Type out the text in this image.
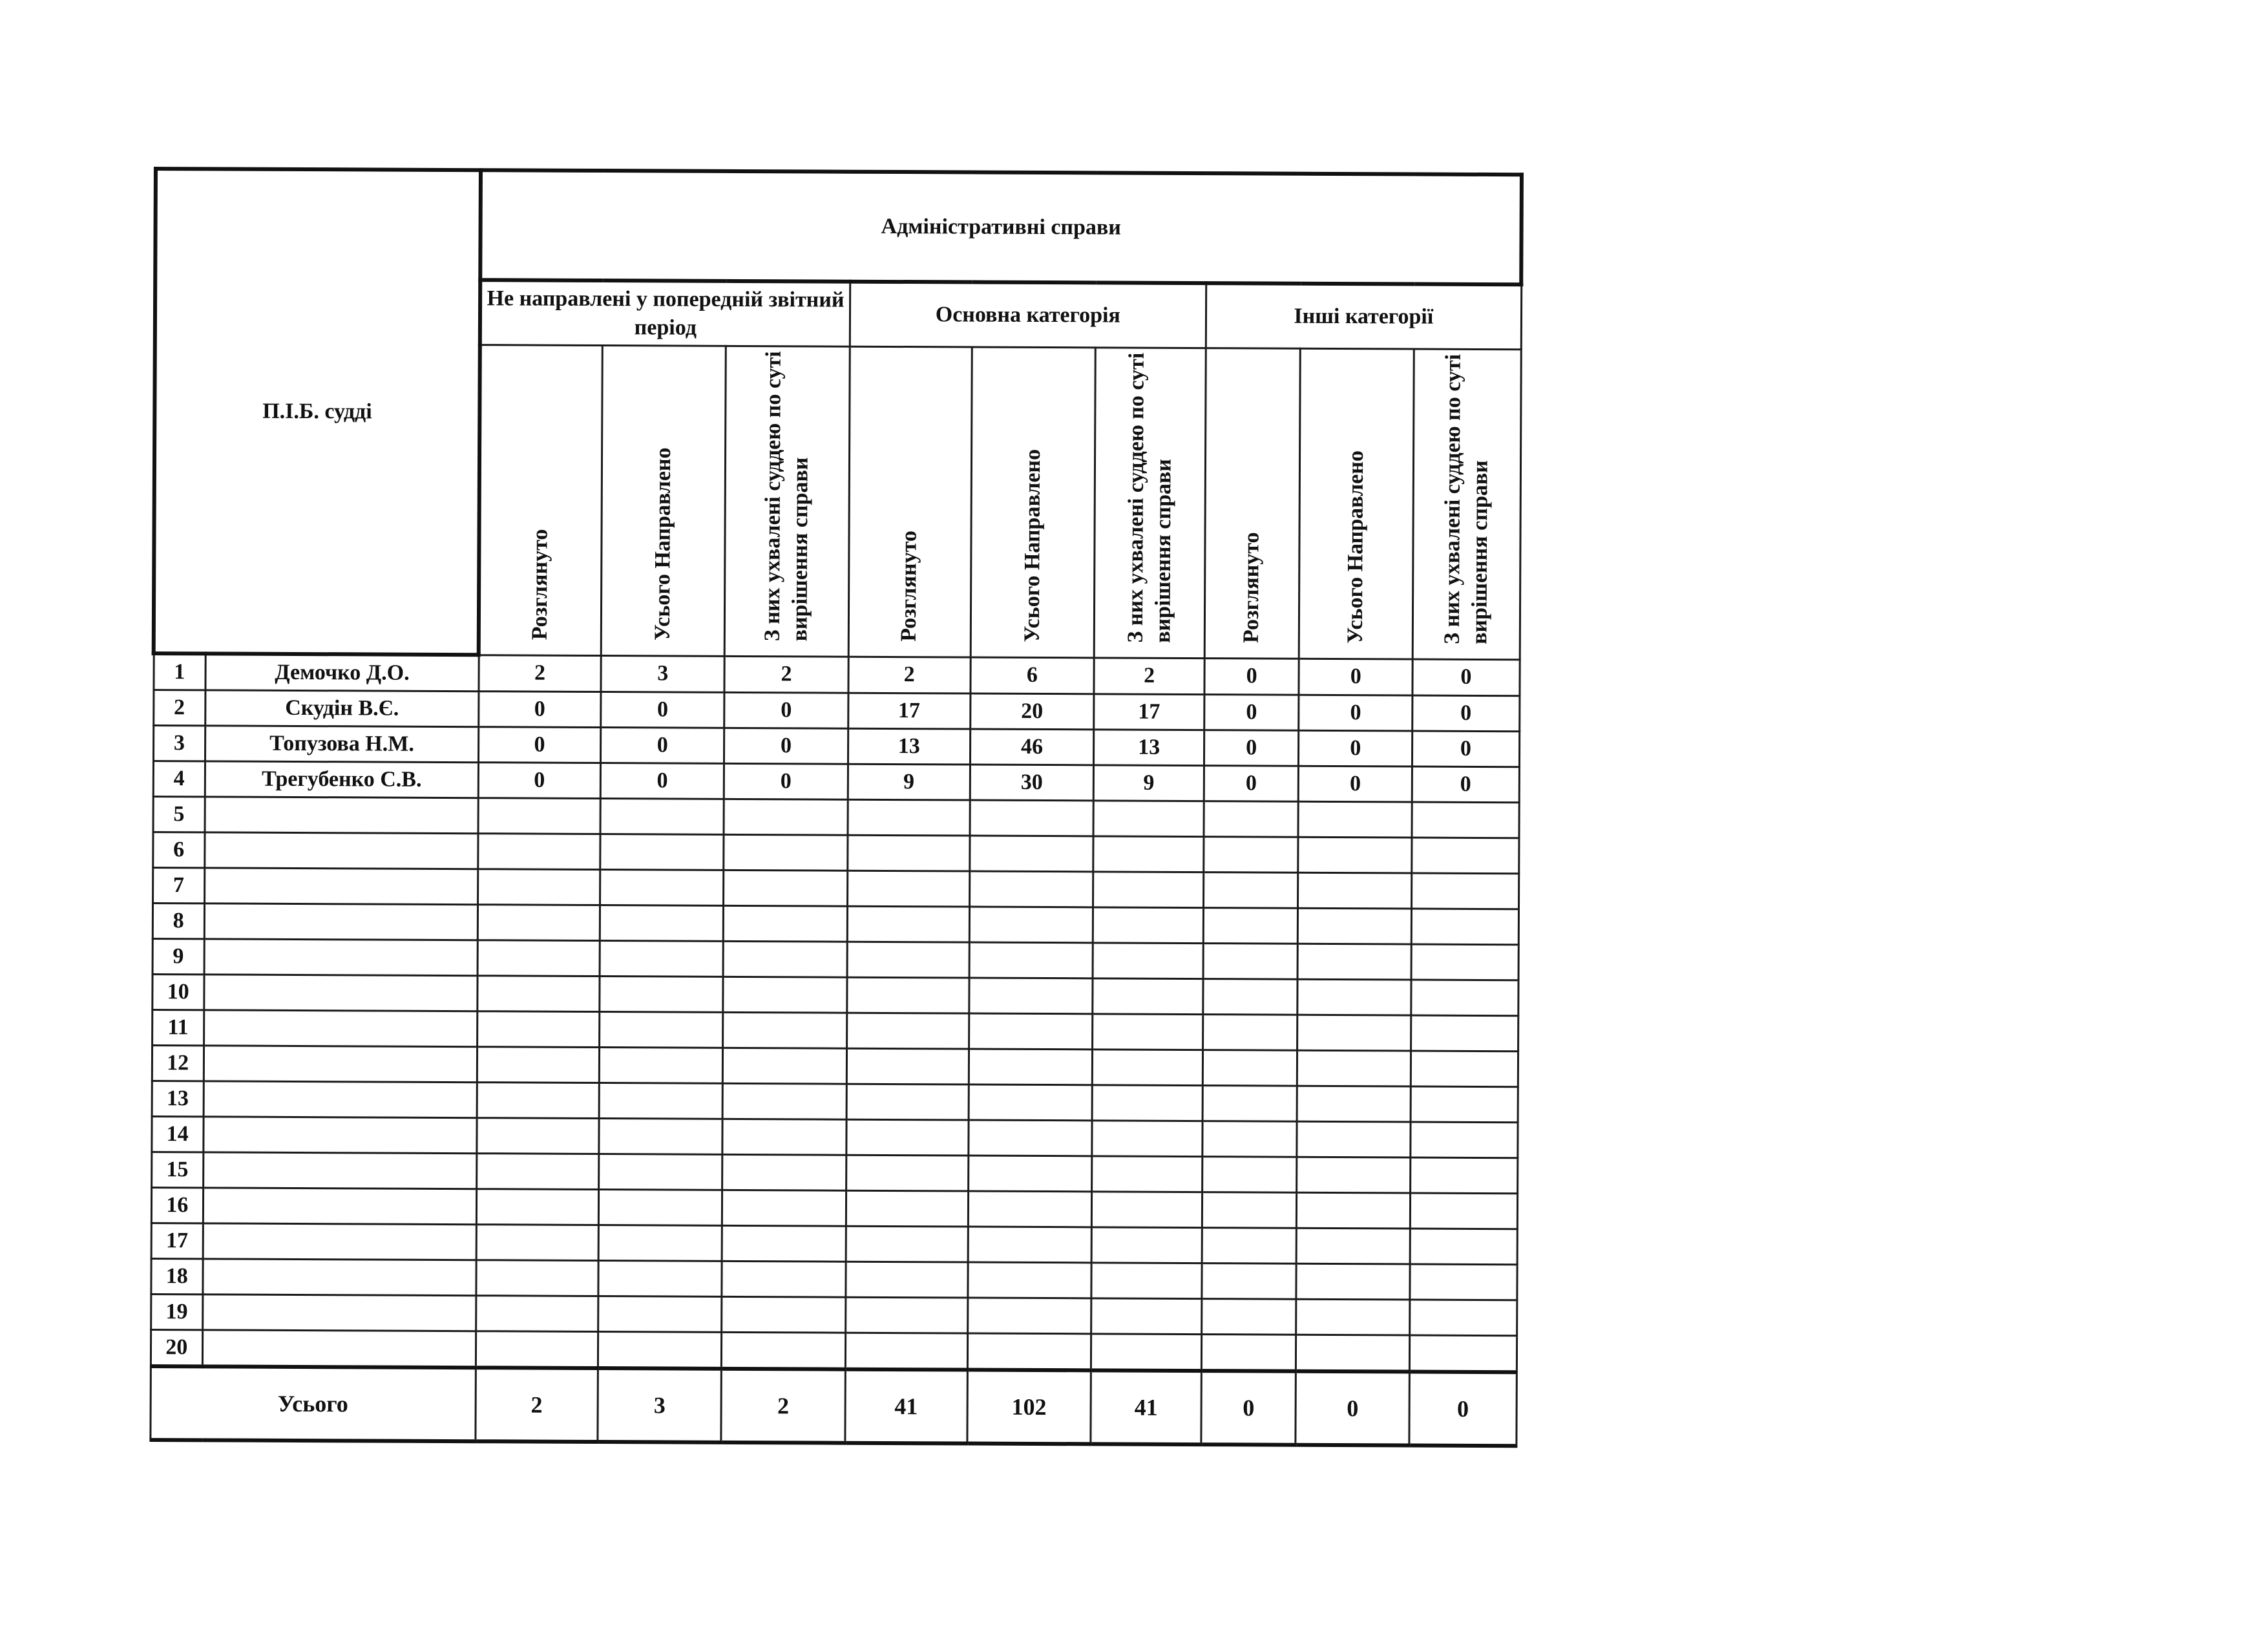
П.І.Б. судді		Адміністративні справи								
		Не направлені у попередній звітний період			Основна категорія			Інші категорії		

		Розглянуто	Усього Направлено	З них ухвалені суддею по суті вирішення справи	Розглянуто	Усього Направлено	З них ухвалені суддею по суті вирішення справи	Розглянуто	Усього Направлено	З них ухвалені суддею по суті вирішення справи

1	Демочко Д.О.	2	3	2	2	6	2	0	0	0
2	Скудін В.Є.	0	0	0	17	20	17	0	0	0
3	Топузова Н.М.	0	0	0	13	46	13	0	0	0
4	Трегубенко С.В.	0	0	0	9	30	9	0	0	0
5										
6										
7										
8										
9										
10										
11										
12										
13										
14										
15										
16										
17										
18										
19										
20										
Усього		2	3	2	41	102	41	0	0	0
